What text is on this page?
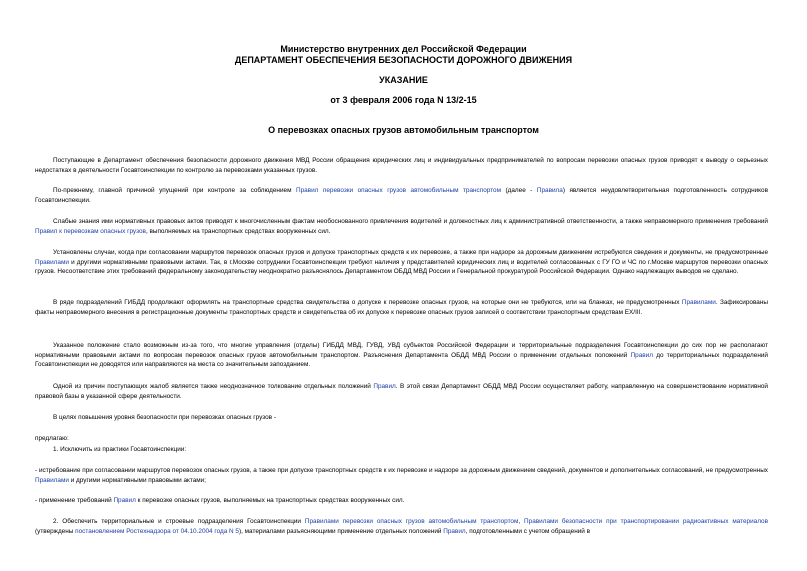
Министерство внутренних дел Российской Федерации
ДЕПАРТАМЕНТ ОБЕСПЕЧЕНИЯ БЕЗОПАСНОСТИ ДОРОЖНОГО ДВИЖЕНИЯ
УКАЗАНИЕ
от 3 февраля 2006 года N 13/2-15
О перевозках опасных грузов автомобильным транспортом
Поступающие в Департамент обеспечения безопасности дорожного движения МВД России обращения юридических лиц и индивидуальных предпринимателей по вопросам перевозки опасных грузов приводят к выводу о серьезных недостатках в деятельности Госавтоинспекции по контролю за перевозками указанных грузов.
По-прежнему, главной причиной упущений при контроле за соблюдением Правил перевозки опасных грузов автомобильным транспортом (далее - Правила) является неудовлетворительная подготовленность сотрудников Госавтоинспекции.
Слабые знания ими нормативных правовых актов приводят к многочисленным фактам необоснованного привлечения водителей и должностных лиц к административной ответственности, а также неправомерного применения требований Правил к перевозкам опасных грузов, выполняемых на транспортных средствах вооруженных сил.
Установлены случаи, когда при согласовании маршрутов перевозок опасных грузов и допуске транспортных средств к их перевозке, а также при надзоре за дорожным движением истребуются сведения и документы, не предусмотренные Правилами и другими нормативными правовыми актами. Так, в г.Москве сотрудники Госавтоинспекции требуют наличия у представителей юридических лиц и водителей согласованных с ГУ ГО и ЧС по г.Москве маршрутов перевозки опасных грузов. Несоответствие этих требований федеральному законодательству неоднократно разъяснялось Департаментом ОБДД МВД России и Генеральной прокуратурой Российской Федерации. Однако надлежащих выводов не сделано.
В ряде подразделений ГИБДД продолжают оформлять на транспортные средства свидетельства о допуске к перевозке опасных грузов, на которые они не требуются, или на бланках, не предусмотренных Правилами. Зафиксированы факты неправомерного внесения в регистрационные документы транспортных средств и свидетельства об их допуске к перевозке опасных грузов записей о соответствии транспортным средствам EX/III.
Указанное положение стало возможным из-за того, что многие управления (отделы) ГИБДД МВД, ГУВД, УВД субъектов Российской Федерации и территориальные подразделения Госавтоинспекции до сих пор не располагают нормативными правовыми актами по вопросам перевозок опасных грузов автомобильным транспортом. Разъяснения Департамента ОБДД МВД России о применении отдельных положений Правил до территориальных подразделений Госавтоинспекции не доводятся или направляются на места со значительным запозданием.
Одной из причин поступающих жалоб является также неоднозначное толкование отдельных положений Правил. В этой связи Департамент ОБДД МВД России осуществляет работу, направленную на совершенствование нормативной правовой базы в указанной сфере деятельности.
В целях повышения уровня безопасности при перевозках опасных грузов -
предлагаю:
1. Исключить из практики Госавтоинспекции:
- истребование при согласовании маршрутов перевозок опасных грузов, а также при допуске транспортных средств к их перевозке и надзоре за дорожным движением сведений, документов и дополнительных согласований, не предусмотренных Правилами и другими нормативными правовыми актами;
- применение требований Правил к перевозке опасных грузов, выполняемых на транспортных средствах вооруженных сил.
2. Обеспечить территориальные и строевые подразделения Госавтоинспекции Правилами перевозки опасных грузов автомобильным транспортом, Правилами безопасности при транспортировании радиоактивных материалов (утверждены постановлением Ростехнадзора от 04.10.2004 года N 5), материалами разъясняющими применение отдельных положений Правил, подготовленными с учетом обращений в
